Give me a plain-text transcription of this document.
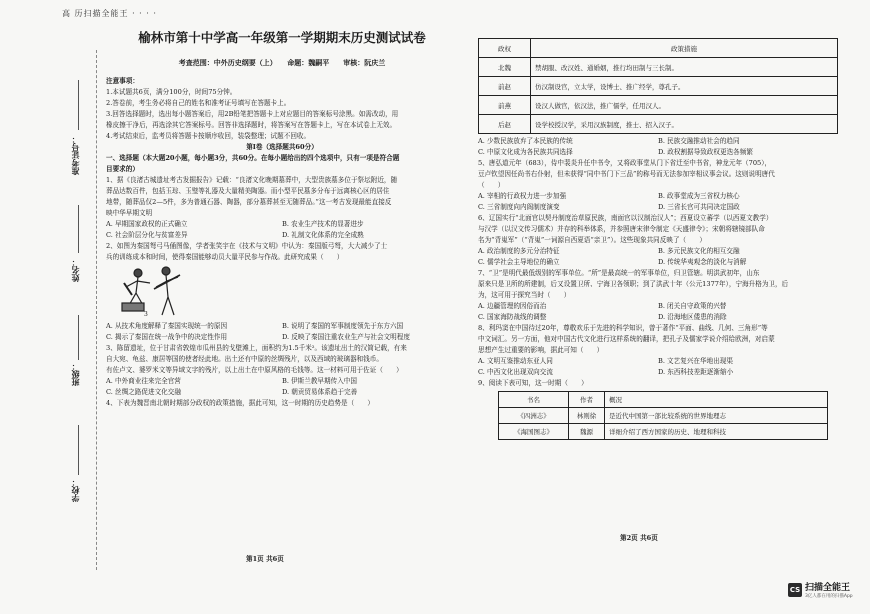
高 历扫描全能王 · · · ·
准考证号：
姓名：
班级：
学校：
榆林市第十中学高一年级第一学期期末历史测试试卷
考查范围：中外历史纲要（上）　　命题：魏嗣平　　审核：阮庆兰
注意事项：
1.本试题共6页，满分100分，时间75分钟。
2.答卷前，考生务必将自己的姓名和准考证号填写在答题卡上。
3.回答选择题时，选出每小题答案后，用2B铅笔把答题卡上对应题目的答案标号涂黑。如需改动，用
橡皮擦干净后，再选涂其它答案标号。回答非选择题时，将答案写在答题卡上，写在本试卷上无效。
4.考试结束后，监考员将答题卡按顺序收回，装袋整理；试题不回收。
第Ⅰ卷（选择题共60分）
一、选择题（本大题20小题，每小题3分，共60分。在每小题给出的四个选项中，只有一项是符合题
目要求的）
1、据《良渚古城遗址考古发掘报告》记载：“良渚文化晚期墓葬中，大型贵族墓多位于祭坛附近，随
葬品达数百件，包括玉琮、玉璧等礼器及大量精美陶器。而小型平民墓多分布于远离核心区的居住
地带，随葬品仅2—5件，多为普通石器、陶器，部分墓葬甚至无随葬品。”这一考古发现最能直接反
映中华早期文明
A. 早期国家政权的正式确立	B. 农业生产技术的显著进步
C. 社会阶层分化与贫富差异	D. 礼制文化体系的完全成熟
2、如图为秦国弩弓马俑图像，学者张笑宇在《技术与文明》中认为：秦国版弓弩，大大减少了士
兵的训练成本和时间，使得秦国能够动员大量平民参与作战。此研究成果（　　）
3
A. 从技术角度解释了秦国实现统一的原因	B. 说明了秦国的军事制度领先于东方六国
C. 揭示了秦国在统一战争中的决定性作用	D. 反映了秦国注重农业生产与社会文明程度
3、陈留遗址，位于甘肃省敦煌市瓜州县的戈壁滩上，面积约为1.5千米²。该遗址出土的汉简记载，有来
自大宛、龟兹、康居等国的使者经此地。出土还有中原的丝绸残片，以及西域的玻璃器和钱币。
有佐卢文、婆罗米文等异域文字的残片，以上出土在中原风格的毛钱等。这一材料可用于佐证（　　）
A. 中外商业往来完全官营	B. 伊斯兰教早期传入中国
C. 丝绸之路促进文化交融	D. 朝贡贸易体系趋于完善
4、下表为魏晋南北朝时期部分政权的政策措施，据此可知，这一时期的历史趋势是（　　）
第1页 共6页
政权	政策措施
北魏	禁胡服、改汉姓、通婚姻，推行均田制与三长制。
前赵	仿汉制设官，立太学，设博士、推广经学，尊孔子。
前燕	设汉人做官，依汉法，推广儒学，任用汉人。
后赵	设学校授汉学，采用汉族制度，推士、招入汉子。
A. 少数民族放弃了本民族的传统	B. 民族交融推动社会的趋同
C. 中原文化成为各民族共同选择	D. 政权割据导致政权更迭各频繁
5、唐弘道元年（683），侍中裴炎升任中书令，又将政事堂从门下省迁至中书省，神龙元年（705），
豆卢钦望因任尚书右仆射，但未获得“同中书门下三品”的称号而无法参加宰相议事会议。这则说明唐代
（　　）
A. 宰相的行政权力进一步加强	B. 政事堂成为三省权力核心
C. 三省制度向内阁制度演变	D. 三省长官可共同决定国政
6、辽国实行“北面官以契丹制度治草原民族，南面官以汉制治汉人”；西夏设立蕃学（以西夏文教学）
与汉学（以汉文传习儒术）并存的科举体系，并参照唐宋律令制定《天盛律令》；宋朝将辖镜部队命
名为“背嵬军”（“背嵬”一词源自西夏语“亲卫”）。这些现象共同反映了（　　）
A. 政治制度的多元分治特征	B. 多元民族文化的相互交融
C. 儒学社会主导地位的确立	D. 传统华夷观念的淡化与消解
7、“卫”是明代最低级别的军事单位。“所”是最高统一的军事单位，归卫管辖。明洪武初年，山东
原来只是卫所的所建制，后又设置卫所、宁海卫各领职；到了洪武十年（公元1377年），宁海升格为卫，后
为，这可用于探究当时（　　）
A. 边疆管理的因俗而治	B. 闭关自守政策的兴替
C. 国家海防战线的调整	D. 沿海地区倭患的消除
8、利玛窦在中国待过20年，尊敬欢乐于先进的科学知识，曾于著作“平面、曲线、几何、三角形”等
中文词汇。另一方面，他对中国古代文化进行这样系统的翻译，把孔子及儒家学说介绍给欧洲，对启蒙
思想产生过重要的影响，据此可知（　　）
A. 文明互鉴推动东亚人同	B. 文艺复兴在华地出现渠
C. 中西文化出现双向交流	D. 东西科技差距逐渐缩小
9、阅读下表可知，这一时期（　　）
书名	作者	概况
《四洲志》	林则徐	是近代中国第一部比较系统的世界地理志
《海国图志》	魏源	详细介绍了西方国家的历史、地理和科技
第2页 共6页
CS 扫描全能王
3亿人都在用的扫描App
